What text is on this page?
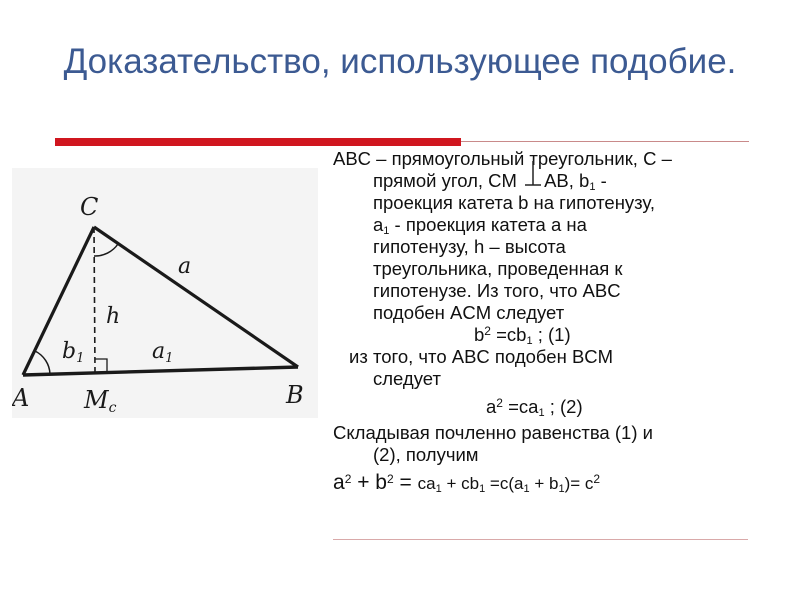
Доказательство, использующее подобие.
C
A	B
Mc
a
h
b1	a1
ABC – прямоугольный треугольник, C –
прямой угол, CM AB, $b_1$ -
проекция катета b на гипотенузу,
$a_1$ - проекция катета a на
гипотенузу, h – высота
треугольника, проведенная к
гипотенузе. Из того, что ABC
подобен ACM следует
$b^2 =cb_1$ ; (1)
из того, что ABC подобен BCM
следует
$a^2 =ca_1$ ; (2)
Складывая почленно равенства (1) и
(2), получим
$a^2 + b^2 = ca_1 + cb_1 =c(a_1 + b_1)= c^2$
